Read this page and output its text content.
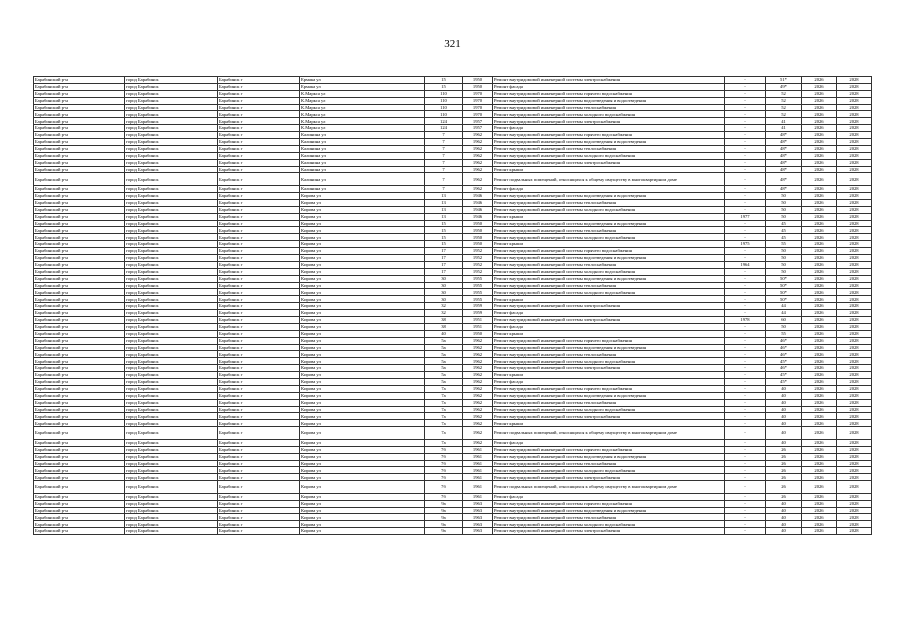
321
Барабинский р-н	город Барабинск	Барабинск г	Ермака ул	15	1950	Ремонт внутридомовой инженерной системы электроснабжения	-	51*	2026	2028
Барабинский р-н	город Барабинск	Барабинск г	Ермака ул	15	1950	Ремонт фасада	-	49*	2026	2028
Барабинский р-н	город Барабинск	Барабинск г	К.Маркса ул	110	1970	Ремонт внутридомовой инженерной системы горячего водоснабжения	-	52	2026	2028
Барабинский р-н	город Барабинск	Барабинск г	К.Маркса ул	110	1970	Ремонт внутридомовой инженерной системы водоотведения и водоотведения	-	52	2026	2028
Барабинский р-н	город Барабинск	Барабинск г	К.Маркса ул	110	1970	Ремонт внутридомовой инженерной системы теплоснабжения	-	52	2026	2028
Барабинский р-н	город Барабинск	Барабинск г	К.Маркса ул	110	1970	Ремонт внутридомовой инженерной системы холодного водоснабжения	-	52	2026	2028
Барабинский р-н	город Барабинск	Барабинск г	К.Маркса ул	124	1957	Ремонт внутридомовой инженерной системы электроснабжения	-	41	2026	2028
Барабинский р-н	город Барабинск	Барабинск г	К.Маркса ул	124	1957	Ремонт фасада	-	41	2026	2028
Барабинский р-н	город Барабинск	Барабинск г	Калинина ул	7	1962	Ремонт внутридомовой инженерной системы горячего водоснабжения	-	48*	2026	2028
Барабинский р-н	город Барабинск	Барабинск г	Калинина ул	7	1962	Ремонт внутридомовой инженерной системы водоотведения и водоотведения	-	48*	2026	2028
Барабинский р-н	город Барабинск	Барабинск г	Калинина ул	7	1962	Ремонт внутридомовой инженерной системы теплоснабжения	-	48*	2026	2028
Барабинский р-н	город Барабинск	Барабинск г	Калинина ул	7	1962	Ремонт внутридомовой инженерной системы холодного водоснабжения	-	48*	2026	2028
Барабинский р-н	город Барабинск	Барабинск г	Калинина ул	7	1962	Ремонт внутридомовой инженерной системы электроснабжения	-	48*	2026	2028
Барабинский р-н	город Барабинск	Барабинск г	Калинина ул	7	1962	Ремонт крыши	-	48*	2026	2028
Барабинский р-н	город Барабинск	Барабинск г	Калинина ул	7	1962	Ремонт подвальных помещений, относящихся к общему имуществу в многоквартирном доме	-	48*	2026	2028
Барабинский р-н	город Барабинск	Барабинск г	Калинина ул	7	1962	Ремонт фасада	-	48*	2026	2028
Барабинский р-н	город Барабинск	Барабинск г	Кирова ул	13	1946	Ремонт внутридомовой инженерной системы водоотведения и водоотведения	-	50	2026	2028
Барабинский р-н	город Барабинск	Барабинск г	Кирова ул	13	1946	Ремонт внутридомовой инженерной системы теплоснабжения	-	50	2026	2028
Барабинский р-н	город Барабинск	Барабинск г	Кирова ул	13	1946	Ремонт внутридомовой инженерной системы холодного водоснабжения	-	50	2026	2028
Барабинский р-н	город Барабинск	Барабинск г	Кирова ул	13	1946	Ремонт крыши	1977	50	2026	2028
Барабинский р-н	город Барабинск	Барабинск г	Кирова ул	15	1950	Ремонт внутридомовой инженерной системы водоотведения и водоотведения	-	45	2026	2028
Барабинский р-н	город Барабинск	Барабинск г	Кирова ул	15	1950	Ремонт внутридомовой инженерной системы теплоснабжения	-	45	2026	2028
Барабинский р-н	город Барабинск	Барабинск г	Кирова ул	15	1950	Ремонт внутридомовой инженерной системы холодного водоснабжения	-	45	2026	2028
Барабинский р-н	город Барабинск	Барабинск г	Кирова ул	15	1950	Ремонт крыши	1975	55	2026	2028
Барабинский р-н	город Барабинск	Барабинск г	Кирова ул	17	1952	Ремонт внутридомовой инженерной системы горячего водоснабжения	-	50	2026	2028
Барабинский р-н	город Барабинск	Барабинск г	Кирова ул	17	1952	Ремонт внутридомовой инженерной системы водоотведения и водоотведения	-	50	2026	2028
Барабинский р-н	город Барабинск	Барабинск г	Кирова ул	17	1952	Ремонт внутридомовой инженерной системы теплоснабжения	1964	50	2026	2028
Барабинский р-н	город Барабинск	Барабинск г	Кирова ул	17	1952	Ремонт внутридомовой инженерной системы холодного водоснабжения	-	50	2026	2028
Барабинский р-н	город Барабинск	Барабинск г	Кирова ул	30	1955	Ремонт внутридомовой инженерной системы водоотведения и водоотведения	-	50*	2026	2028
Барабинский р-н	город Барабинск	Барабинск г	Кирова ул	30	1955	Ремонт внутридомовой инженерной системы теплоснабжения	-	50*	2026	2028
Барабинский р-н	город Барабинск	Барабинск г	Кирова ул	30	1955	Ремонт внутридомовой инженерной системы холодного водоснабжения	-	50*	2026	2028
Барабинский р-н	город Барабинск	Барабинск г	Кирова ул	30	1955	Ремонт крыши	-	50*	2026	2028
Барабинский р-н	город Барабинск	Барабинск г	Кирова ул	32	1959	Ремонт внутридомовой инженерной системы электроснабжения	-	44	2026	2028
Барабинский р-н	город Барабинск	Барабинск г	Кирова ул	32	1959	Ремонт фасада	-	44	2026	2028
Барабинский р-н	город Барабинск	Барабинск г	Кирова ул	38	1951	Ремонт внутридомовой инженерной системы электроснабжения	1978	60	2026	2028
Барабинский р-н	город Барабинск	Барабинск г	Кирова ул	38	1951	Ремонт фасада	-	50	2026	2028
Барабинский р-н	город Барабинск	Барабинск г	Кирова ул	40	1950	Ремонт крыши	-	55	2026	2028
Барабинский р-н	город Барабинск	Барабинск г	Кирова ул	5а	1962	Ремонт внутридомовой инженерной системы горячего водоснабжения	-	46*	2026	2028
Барабинский р-н	город Барабинск	Барабинск г	Кирова ул	5а	1962	Ремонт внутридомовой инженерной системы водоотведения и водоотведения	-	46*	2026	2028
Барабинский р-н	город Барабинск	Барабинск г	Кирова ул	5а	1962	Ремонт внутридомовой инженерной системы теплоснабжения	-	46*	2026	2028
Барабинский р-н	город Барабинск	Барабинск г	Кирова ул	5а	1962	Ремонт внутридомовой инженерной системы холодного водоснабжения	-	45*	2026	2028
Барабинский р-н	город Барабинск	Барабинск г	Кирова ул	5а	1962	Ремонт внутридомовой инженерной системы электроснабжения	-	46*	2026	2028
Барабинский р-н	город Барабинск	Барабинск г	Кирова ул	5а	1962	Ремонт крыши	-	45*	2026	2028
Барабинский р-н	город Барабинск	Барабинск г	Кирова ул	5а	1962	Ремонт фасада	-	45*	2026	2028
Барабинский р-н	город Барабинск	Барабинск г	Кирова ул	7а	1962	Ремонт внутридомовой инженерной системы горячего водоснабжения	-	40	2026	2028
Барабинский р-н	город Барабинск	Барабинск г	Кирова ул	7а	1962	Ремонт внутридомовой инженерной системы водоотведения и водоотведения	-	40	2026	2028
Барабинский р-н	город Барабинск	Барабинск г	Кирова ул	7а	1962	Ремонт внутридомовой инженерной системы теплоснабжения	-	40	2026	2028
Барабинский р-н	город Барабинск	Барабинск г	Кирова ул	7а	1962	Ремонт внутридомовой инженерной системы холодного водоснабжения	-	40	2026	2028
Барабинский р-н	город Барабинск	Барабинск г	Кирова ул	7а	1962	Ремонт внутридомовой инженерной системы электроснабжения	-	40	2026	2028
Барабинский р-н	город Барабинск	Барабинск г	Кирова ул	7а	1962	Ремонт крыши	-	40	2026	2028
Барабинский р-н	город Барабинск	Барабинск г	Кирова ул	7а	1962	Ремонт подвальных помещений, относящихся к общему имуществу в многоквартирном доме	-	40	2026	2028
Барабинский р-н	город Барабинск	Барабинск г	Кирова ул	7а	1962	Ремонт фасада	-	40	2026	2028
Барабинский р-н	город Барабинск	Барабинск г	Кирова ул	7б	1961	Ремонт внутридомовой инженерной системы горячего водоснабжения	-	26	2026	2028
Барабинский р-н	город Барабинск	Барабинск г	Кирова ул	7б	1961	Ремонт внутридомовой инженерной системы водоотведения и водоотведения	-	26	2026	2028
Барабинский р-н	город Барабинск	Барабинск г	Кирова ул	7б	1961	Ремонт внутридомовой инженерной системы теплоснабжения	-	26	2026	2028
Барабинский р-н	город Барабинск	Барабинск г	Кирова ул	7б	1961	Ремонт внутридомовой инженерной системы холодного водоснабжения	-	26	2026	2028
Барабинский р-н	город Барабинск	Барабинск г	Кирова ул	7б	1961	Ремонт внутридомовой инженерной системы электроснабжения	-	26	2026	2028
Барабинский р-н	город Барабинск	Барабинск г	Кирова ул	7б	1961	Ремонт подвальных помещений, относящихся к общему имуществу в многоквартирном доме	-	26	2026	2028
Барабинский р-н	город Барабинск	Барабинск г	Кирова ул	7б	1961	Ремонт фасада	-	26	2026	2028
Барабинский р-н	город Барабинск	Барабинск г	Кирова ул	9а	1963	Ремонт внутридомовой инженерной системы горячего водоснабжения	-	40	2026	2028
Барабинский р-н	город Барабинск	Барабинск г	Кирова ул	9а	1963	Ремонт внутридомовой инженерной системы водоотведения и водоотведения	-	40	2026	2028
Барабинский р-н	город Барабинск	Барабинск г	Кирова ул	9а	1963	Ремонт внутридомовой инженерной системы теплоснабжения	-	40	2026	2028
Барабинский р-н	город Барабинск	Барабинск г	Кирова ул	9а	1963	Ремонт внутридомовой инженерной системы холодного водоснабжения	-	40	2026	2028
Барабинский р-н	город Барабинск	Барабинск г	Кирова ул	9а	1963	Ремонт внутридомовой инженерной системы электроснабжения	-	40	2026	2028
